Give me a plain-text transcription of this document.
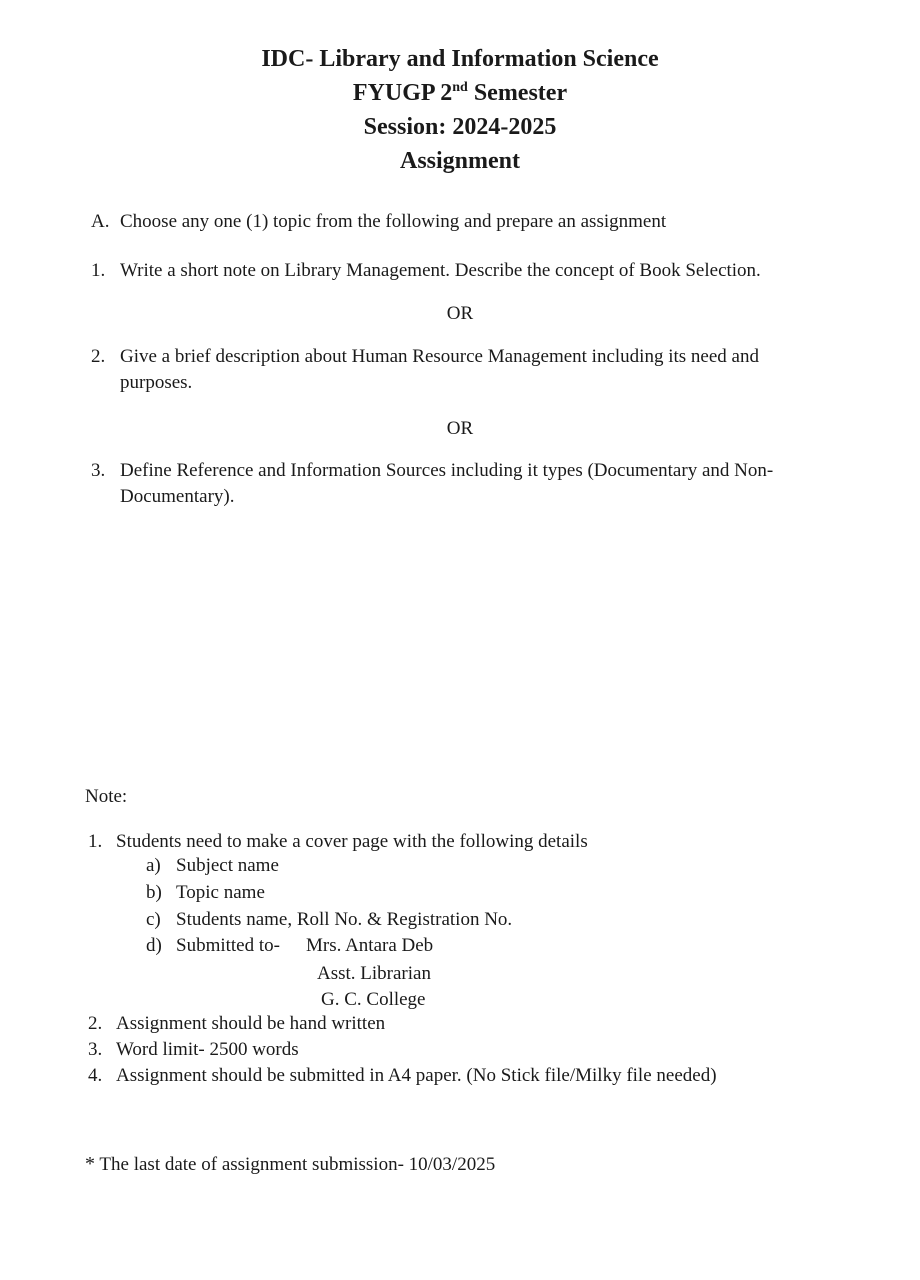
IDC- Library and Information Science
FYUGP 2nd Semester
Session: 2024-2025
Assignment
A. Choose any one (1) topic from the following and prepare an assignment
1. Write a short note on Library Management. Describe the concept of Book Selection.
OR
2. Give a brief description about Human Resource Management including its need and purposes.
OR
3. Define Reference and Information Sources including it types (Documentary and Non-Documentary).
Note:
1. Students need to make a cover page with the following details
a) Subject name
b) Topic name
c) Students name, Roll No. & Registration No.
d) Submitted to- Mrs. Antara Deb
Asst. Librarian
G. C. College
2. Assignment should be hand written
3. Word limit- 2500 words
4. Assignment should be submitted in A4 paper. (No Stick file/Milky file needed)
* The last date of assignment submission- 10/03/2025
